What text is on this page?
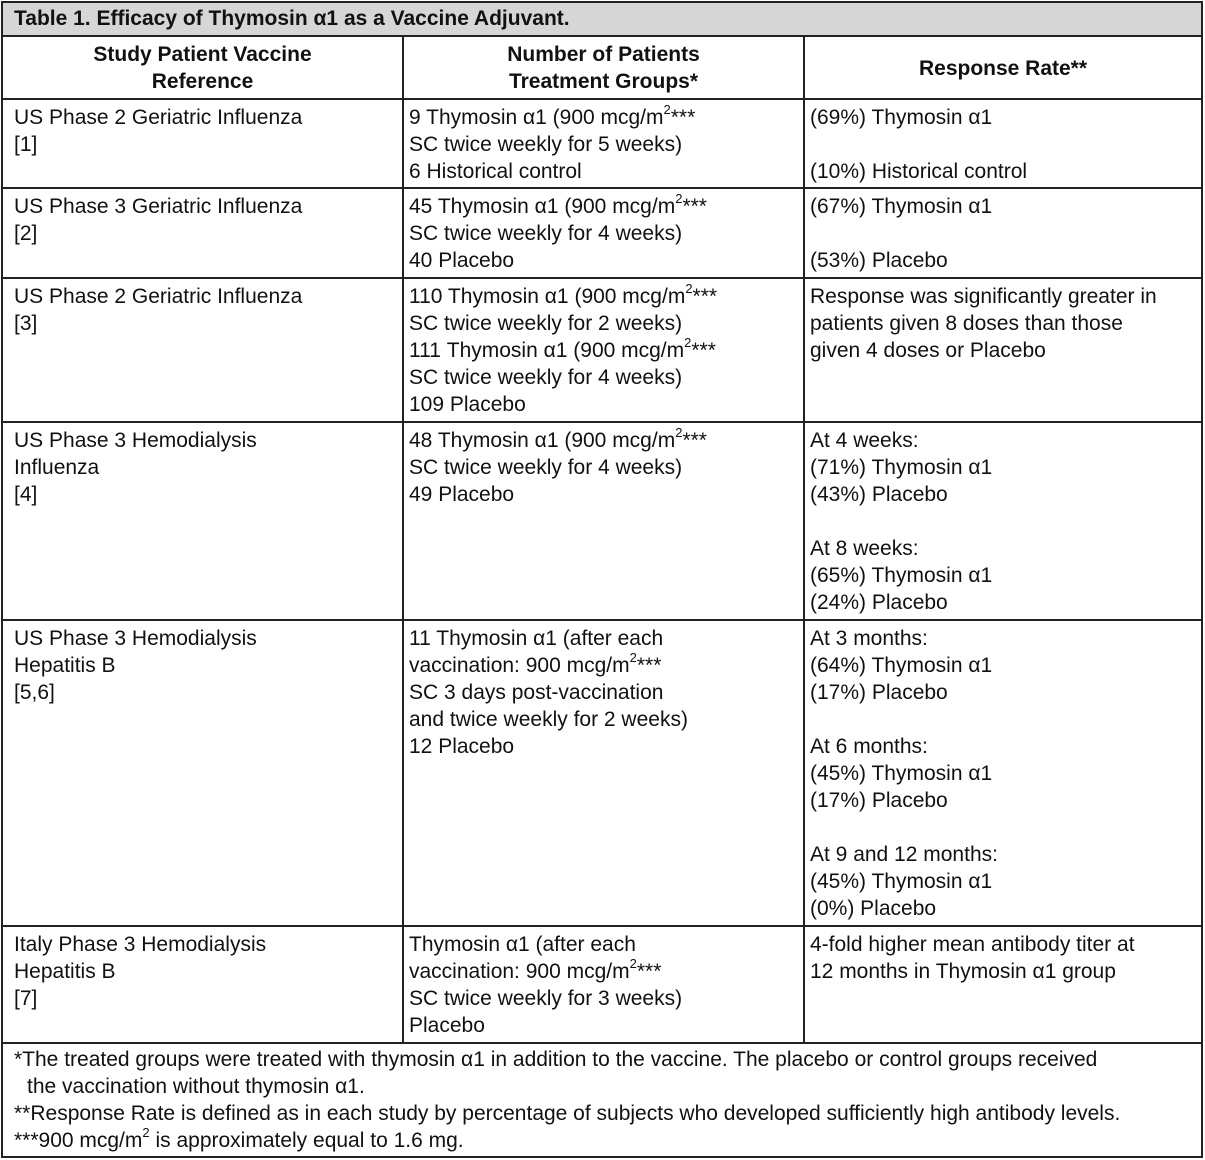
Table 1. Efficacy of Thymosin α1 as a Vaccine Adjuvant.
Study Patient Vaccine
Reference
Number of Patients
Treatment Groups*
Response Rate**
US Phase 2 Geriatric Influenza
[1]
9 Thymosin α1 (900 mcg/$m^2***$
SC twice weekly for 5 weeks)
6 Historical control
(69%) Thymosin α1

(10%) Historical control
US Phase 3 Geriatric Influenza
[2]
45 Thymosin α1 (900 mcg/$m^2***$
SC twice weekly for 4 weeks)
40 Placebo
(67%) Thymosin α1

(53%) Placebo
US Phase 2 Geriatric Influenza
[3]
110 Thymosin α1 (900 mcg/$m^2***$
SC twice weekly for 2 weeks)
111 Thymosin α1 (900 mcg/$m^2***$
SC twice weekly for 4 weeks)
109 Placebo
Response was significantly greater in
patients given 8 doses than those
given 4 doses or Placebo
US Phase 3 Hemodialysis
Influenza
[4]
48 Thymosin α1 (900 mcg/$m^2***$
SC twice weekly for 4 weeks)
49 Placebo
At 4 weeks:
(71%) Thymosin α1
(43%) Placebo

At 8 weeks:
(65%) Thymosin α1
(24%) Placebo
US Phase 3 Hemodialysis
Hepatitis B
[5,6]
11 Thymosin α1 (after each
vaccination: 900 mcg/$m^2***$
SC 3 days post-vaccination
and twice weekly for 2 weeks)
12 Placebo
At 3 months:
(64%) Thymosin α1
(17%) Placebo

At 6 months:
(45%) Thymosin α1
(17%) Placebo

At 9 and 12 months:
(45%) Thymosin α1
(0%) Placebo
Italy Phase 3 Hemodialysis
Hepatitis B
[7]
Thymosin α1 (after each
vaccination: 900 mcg/$m^2***$
SC twice weekly for 3 weeks)
Placebo
4-fold higher mean antibody titer at
12 months in Thymosin α1 group

*The treated groups were treated with thymosin α1 in addition to the vaccine. The placebo or control groups received

the vaccination without thymosin α1.

**Response Rate is defined as in each study by percentage of subjects who developed sufficiently high antibody levels.

***900 mcg/$m^2$ is approximately equal to 1.6 mg.
